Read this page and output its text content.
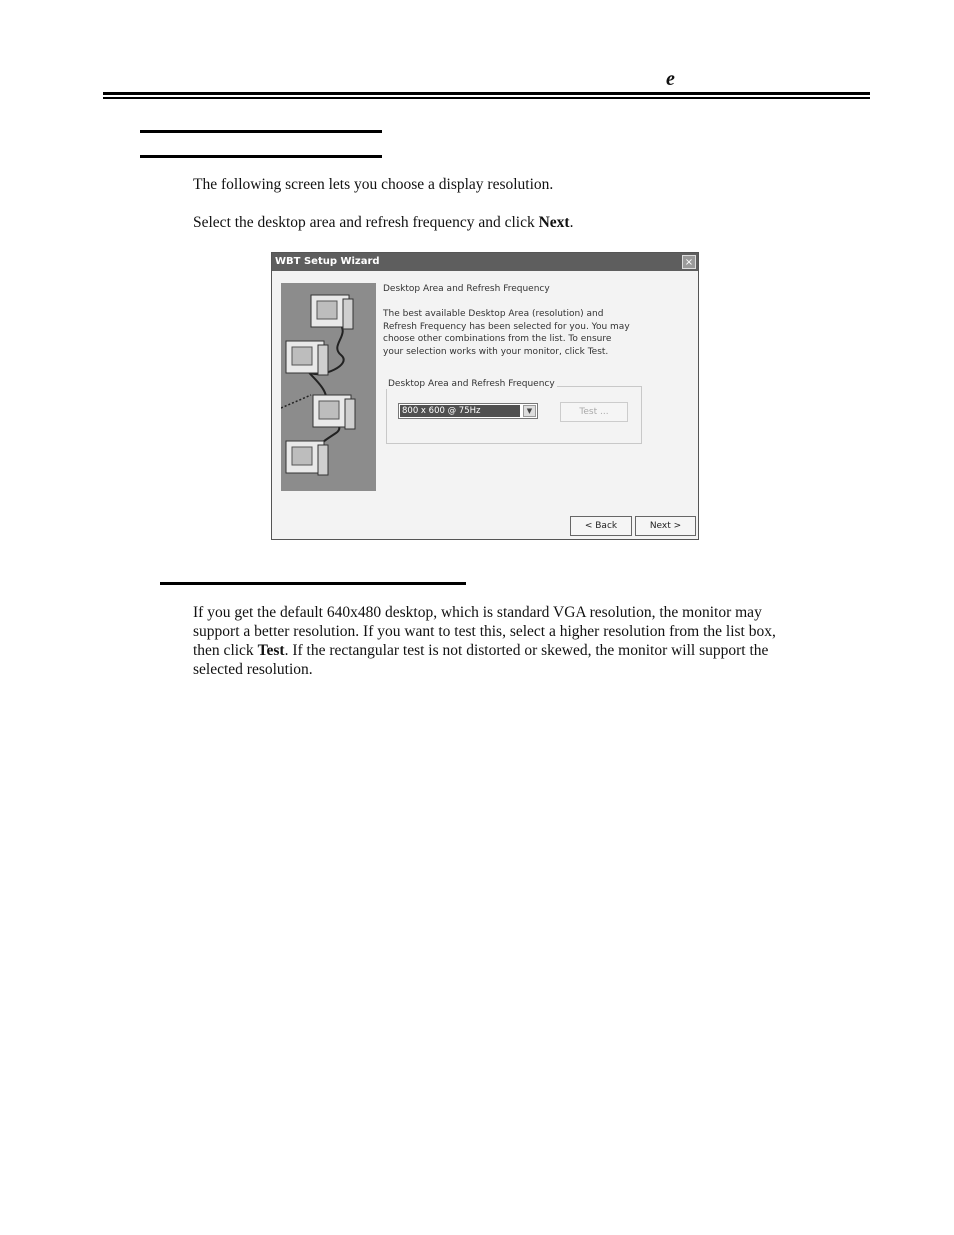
e
The following screen lets you choose a display resolution.
Select the desktop area and refresh frequency and click Next.
WBT Setup Wizard	×
Desktop Area and Refresh Frequency
The best available Desktop Area (resolution) and Refresh Frequency has been selected for you. You may choose other combinations from the list. To ensure your selection works with your monitor, click Test.
Desktop Area and Refresh Frequency
800 x 600 @ 75Hz	▼	Test ...
< Back	Next >
If you get the default 640x480 desktop, which is standard VGA resolution, the monitor may support a better resolution. If you want to test this, select a higher resolution from the list box, then click Test. If the rectangular test is not distorted or skewed, the monitor will support the selected resolution.
